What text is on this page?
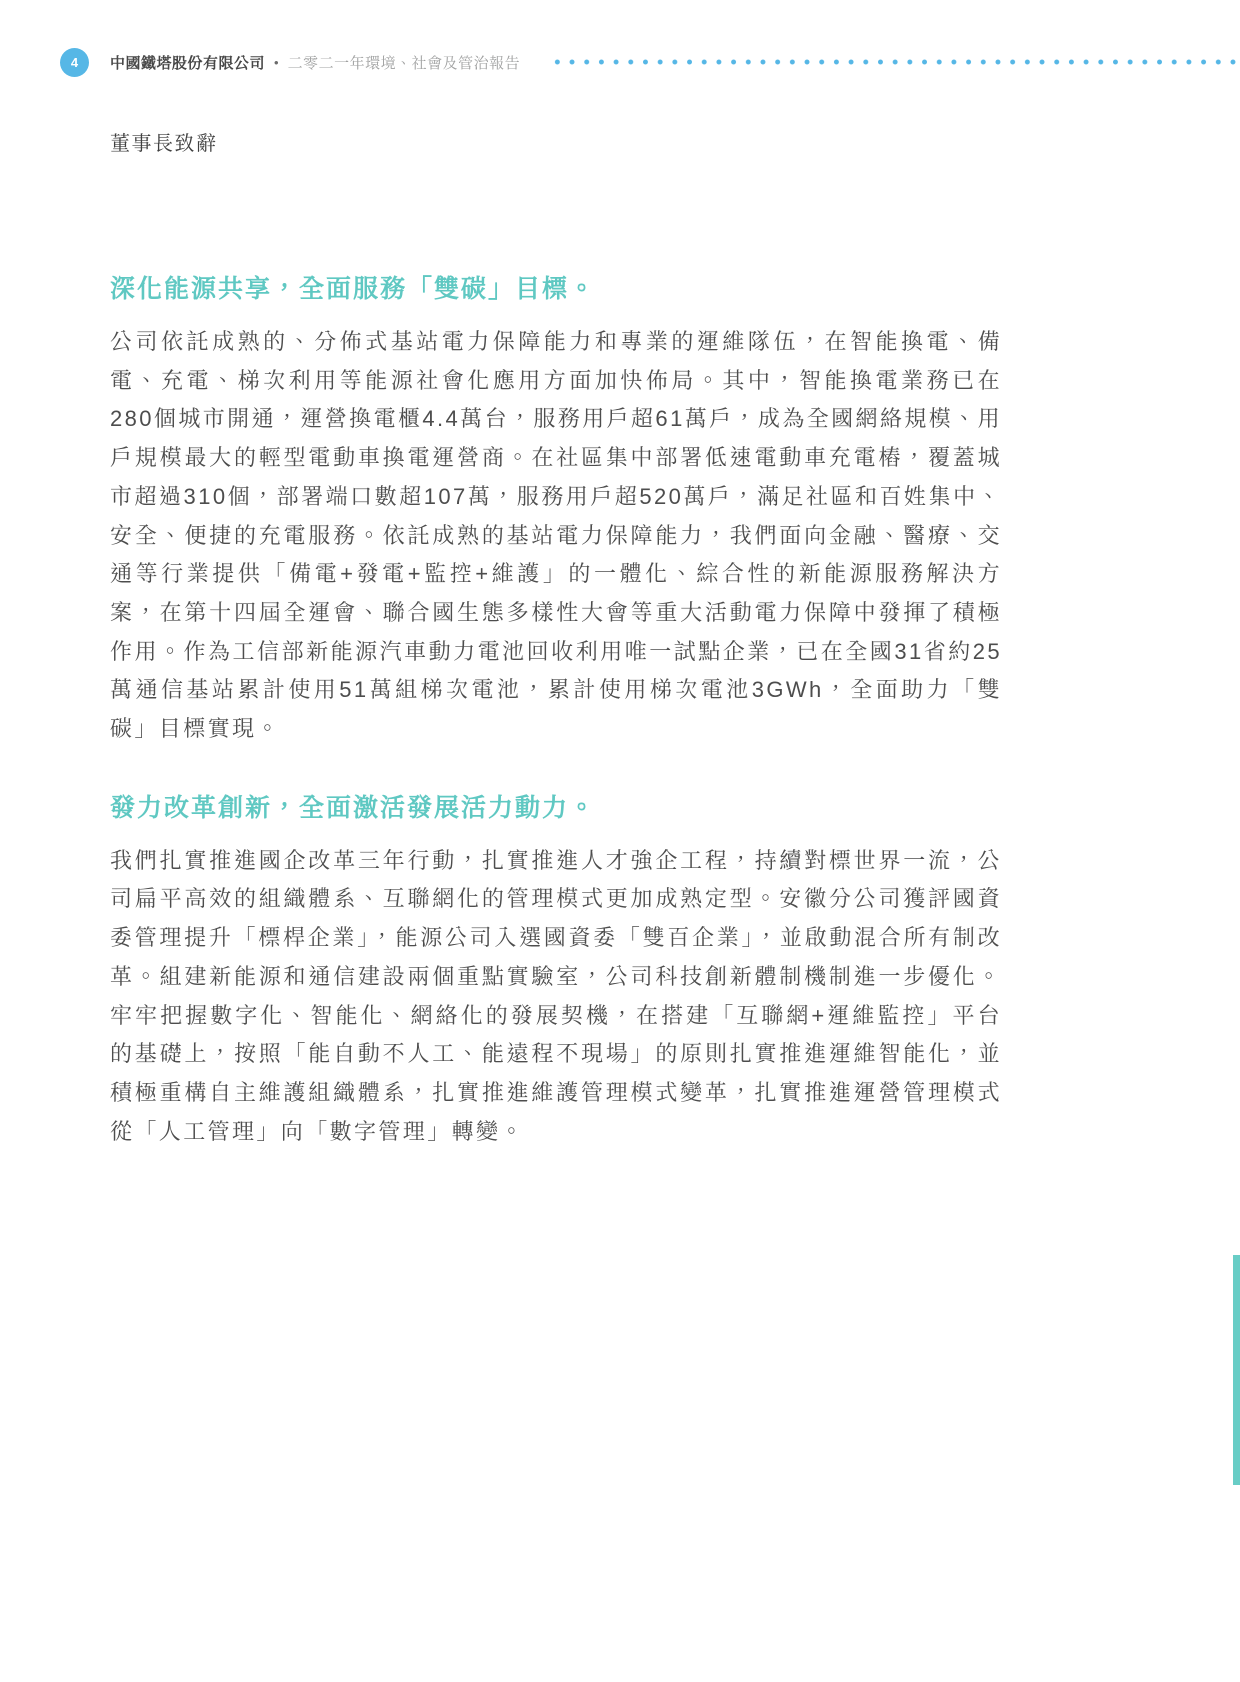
4 中國鐵塔股份有限公司 • 二零二一年環境、社會及管治報告
董事長致辭
深化能源共享，全面服務「雙碳」目標。

公司依託成熟的、分佈式基站電力保障能力和專業的運維隊伍，在智能換電、備電、充電、梯次利用等能源社會化應用方面加快佈局。其中，智能換電業務已在280個城市開通，運營換電櫃4.4萬台，服務用戶超61萬戶，成為全國網絡規模、用戶規模最大的輕型電動車換電運營商。在社區集中部署低速電動車充電樁，覆蓋城市超過310個，部署端口數超107萬，服務用戶超520萬戶，滿足社區和百姓集中、安全、便捷的充電服務。依託成熟的基站電力保障能力，我們面向金融、醫療、交通等行業提供「備電+發電+監控+維護」的一體化、綜合性的新能源服務解決方案，在第十四屆全運會、聯合國生態多樣性大會等重大活動電力保障中發揮了積極作用。作為工信部新能源汽車動力電池回收利用唯一試點企業，已在全國31省約25萬通信基站累計使用51萬組梯次電池，累計使用梯次電池3GWh，全面助力「雙碳」目標實現。

發力改革創新，全面激活發展活力動力。

我們扎實推進國企改革三年行動，扎實推進人才強企工程，持續對標世界一流，公司扁平高效的組織體系、互聯網化的管理模式更加成熟定型。安徽分公司獲評國資委管理提升「標桿企業」，能源公司入選國資委「雙百企業」，並啟動混合所有制改革。組建新能源和通信建設兩個重點實驗室，公司科技創新體制機制進一步優化。牢牢把握數字化、智能化、網絡化的發展契機，在搭建「互聯網+運維監控」平台的基礎上，按照「能自動不人工、能遠程不現場」的原則扎實推進運維智能化，並積極重構自主維護組織體系，扎實推進維護管理模式變革，扎實推進運營管理模式從「人工管理」向「數字管理」轉變。
